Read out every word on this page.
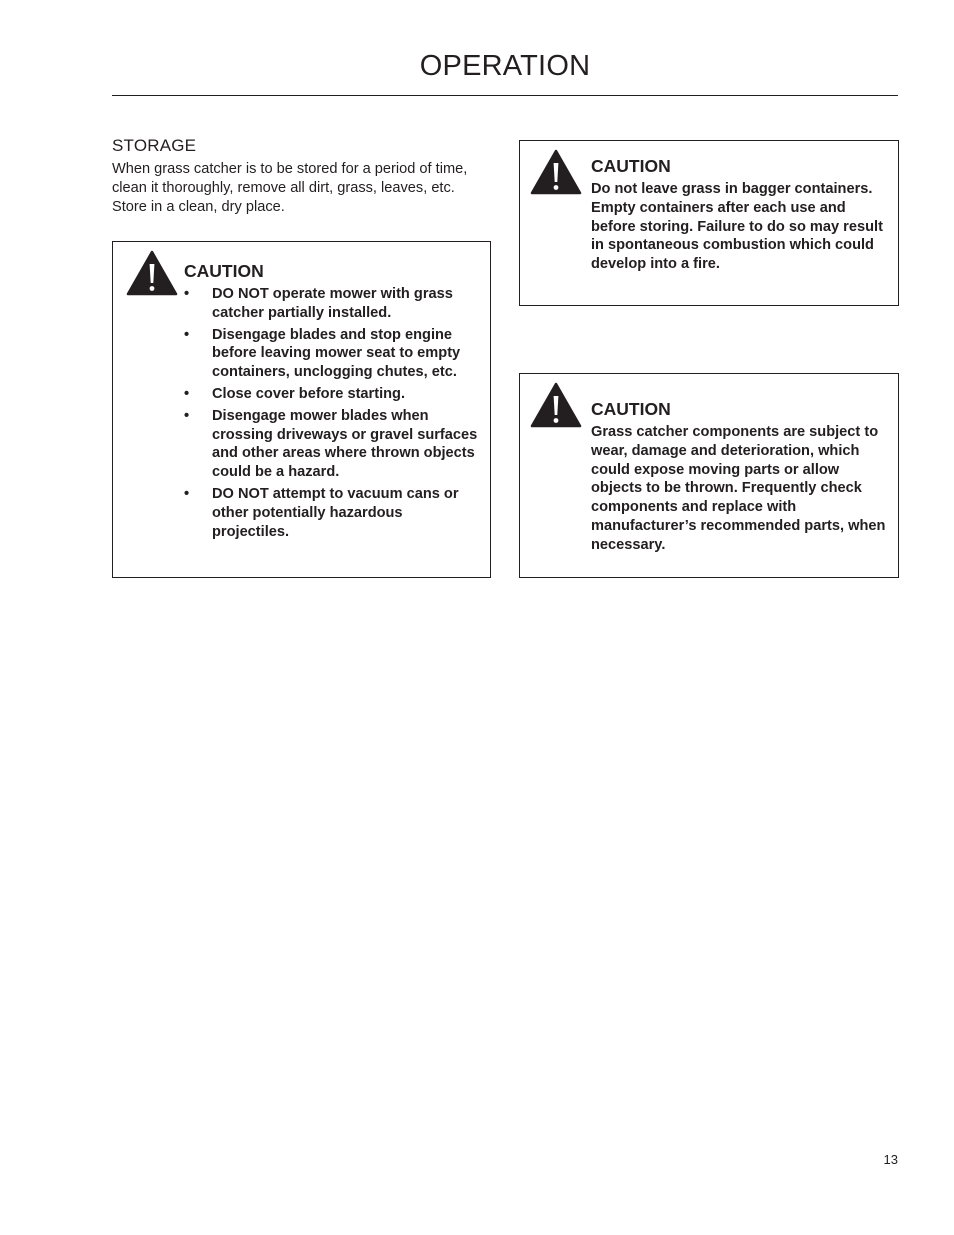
OPERATION
STORAGE

When grass catcher is to be stored for a period of time, clean it thoroughly, remove all dirt, grass, leaves, etc. Store in a clean, dry place.

CAUTION
• DO NOT operate mower with grass catcher partially installed.
• Disengage blades and stop engine before leaving mower seat to empty containers, unclogging chutes, etc.
• Close cover before starting.
• Disengage mower blades when crossing driveways or gravel surfaces and other areas where thrown objects could be a hazard.
• DO NOT attempt to vacuum cans or other potentially hazardous projectiles.
CAUTION

Do not leave grass in bagger containers. Empty containers after each use and before storing. Failure to do so may result in spontaneous combustion which could develop into a fire.

CAUTION

Grass catcher components are subject to wear, damage and deterioration, which could expose moving parts or allow objects to be thrown. Frequently check components and replace with manufacturer’s recommended parts, when necessary.

13
